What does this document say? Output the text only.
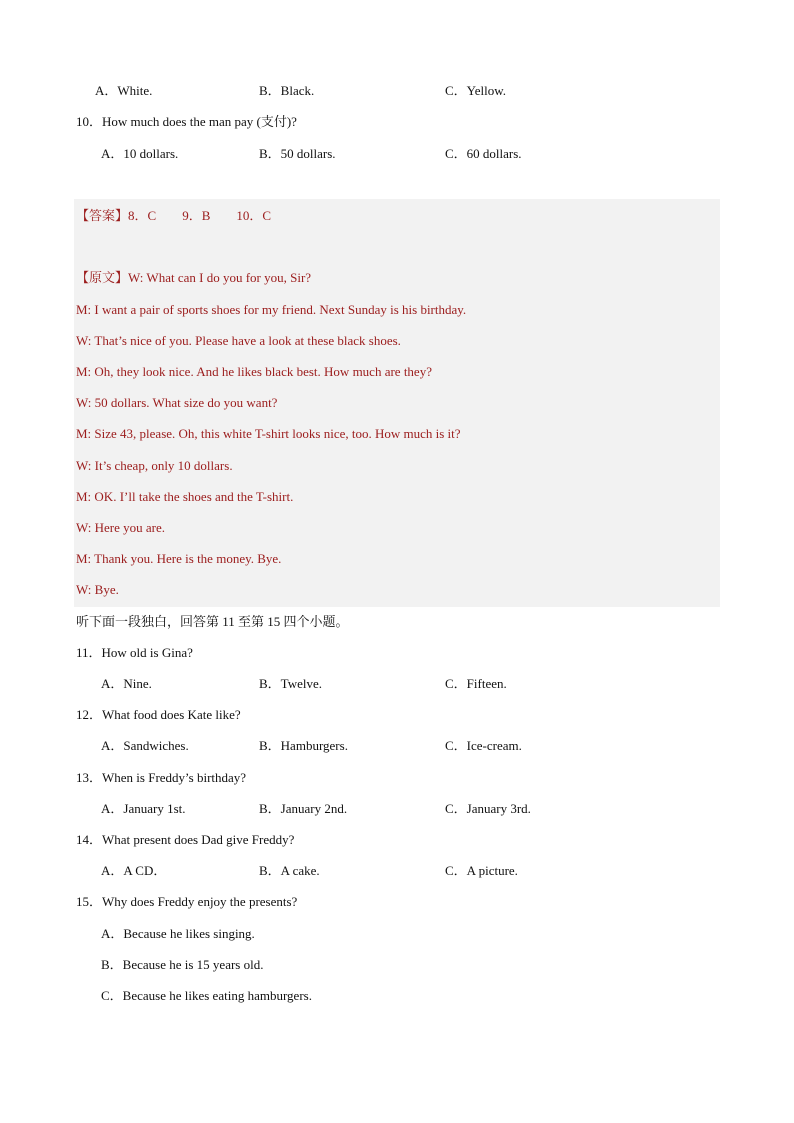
A．White.	B．Black.	C．Yellow.
10．How much does the man pay (支付)?
A．10 dollars.	B．50 dollars.	C．60 dollars.
【答案】8．C 9．B 10．C
【原文】W: What can I do you for you, Sir?
M: I want a pair of sports shoes for my friend. Next Sunday is his birthday.
W: That’s nice of you. Please have a look at these black shoes.
M: Oh, they look nice. And he likes black best. How much are they?
W: 50 dollars. What size do you want?
M: Size 43, please. Oh, this white T-shirt looks nice, too. How much is it?
W: It’s cheap, only 10 dollars.
M: OK. I’ll take the shoes and the T-shirt.
W: Here you are.
M: Thank you. Here is the money. Bye.
W: Bye.
听下面一段独白，回答第 11 至第 15 四个小题。
11．How old is Gina?
A．Nine.	B．Twelve.	C．Fifteen.
12．What food does Kate like?
A．Sandwiches.	B．Hamburgers.	C．Ice-cream.
13．When is Freddy’s birthday?
A．January 1st.	B．January 2nd.	C．January 3rd.
14．What present does Dad give Freddy?
A．A CD．	B．A cake.	C．A picture.
15．Why does Freddy enjoy the presents?
A．Because he likes singing.
B．Because he is 15 years old.
C．Because he likes eating hamburgers.
